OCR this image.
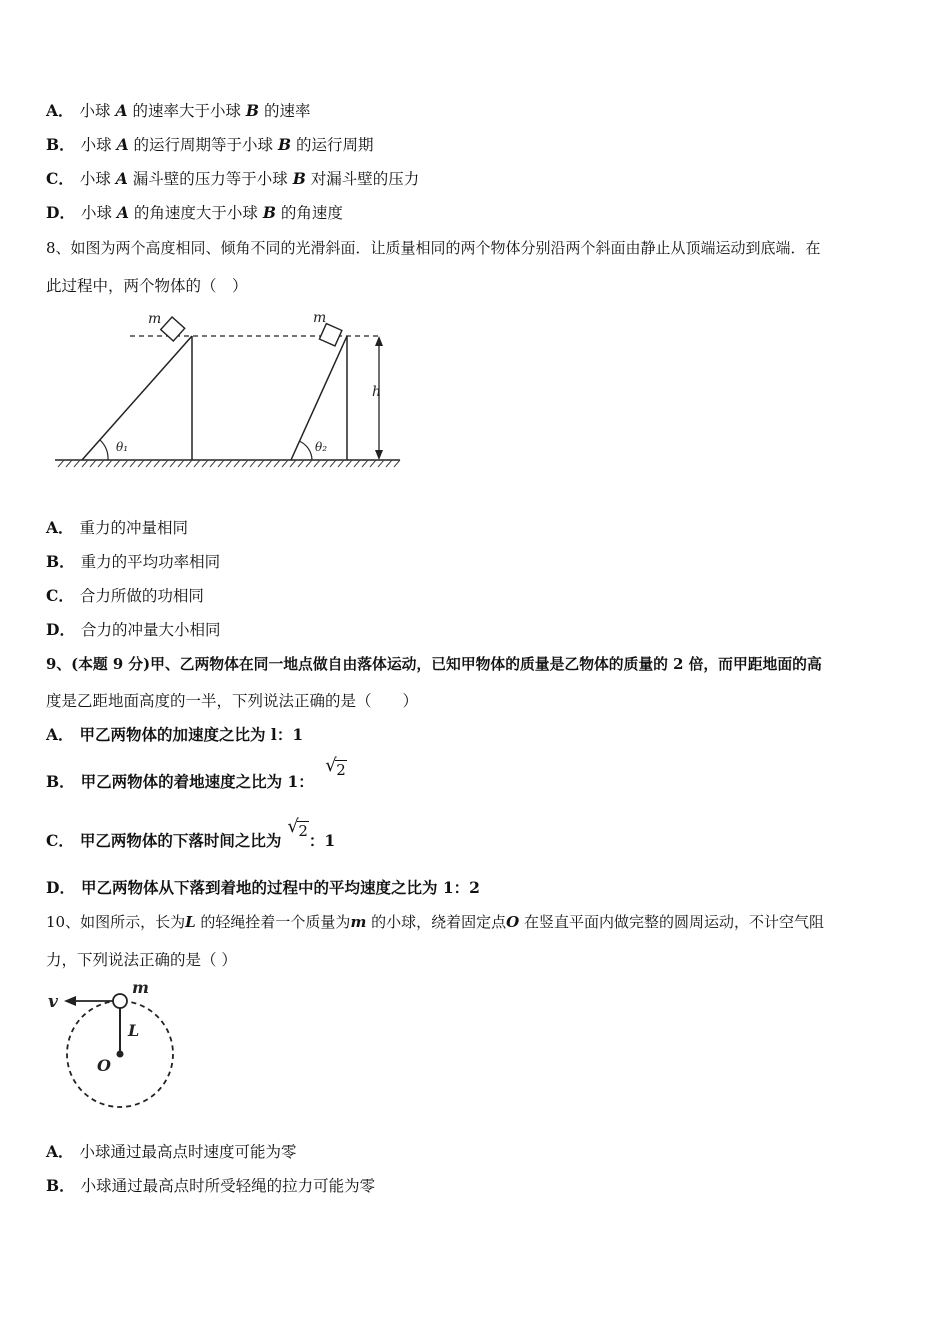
A． 小球 A 的速率大于小球 B 的速率
B． 小球 A 的运行周期等于小球 B 的运行周期
C． 小球 A 漏斗壁的压力等于小球 B 对漏斗壁的压力
D． 小球 A 的角速度大于小球 B 的角速度
8、如图为两个高度相同、倾角不同的光滑斜面．让质量相同的两个物体分别沿两个斜面由静止从顶端运动到底端．在
此过程中，两个物体的（　）
m	m
h
θ₁	θ₂
A． 重力的冲量相同
B． 重力的平均功率相同
C． 合力所做的功相同
D． 合力的冲量大小相同
9、(本题 9 分)甲、乙两物体在同一地点做自由落体运动，已知甲物体的质量是乙物体的质量的 2 倍，而甲距地面的高
度是乙距地面高度的一半，下列说法正确的是（　　）
A． 甲乙两物体的加速度之比为 l：1
B． 甲乙两物体的着地速度之比为 1：
√ 2
C． 甲乙两物体的下落时间之比为
√ 2：1
D． 甲乙两物体从下落到着地的过程中的平均速度之比为 1：2
10、如图所示，长为L 的轻绳拴着一个质量为m 的小球，绕着固定点O 在竖直平面内做完整的圆周运动，不计空气阻
力，下列说法正确的是（ ）
v
m
L
O
A． 小球通过最高点时速度可能为零
B． 小球通过最高点时所受轻绳的拉力可能为零
